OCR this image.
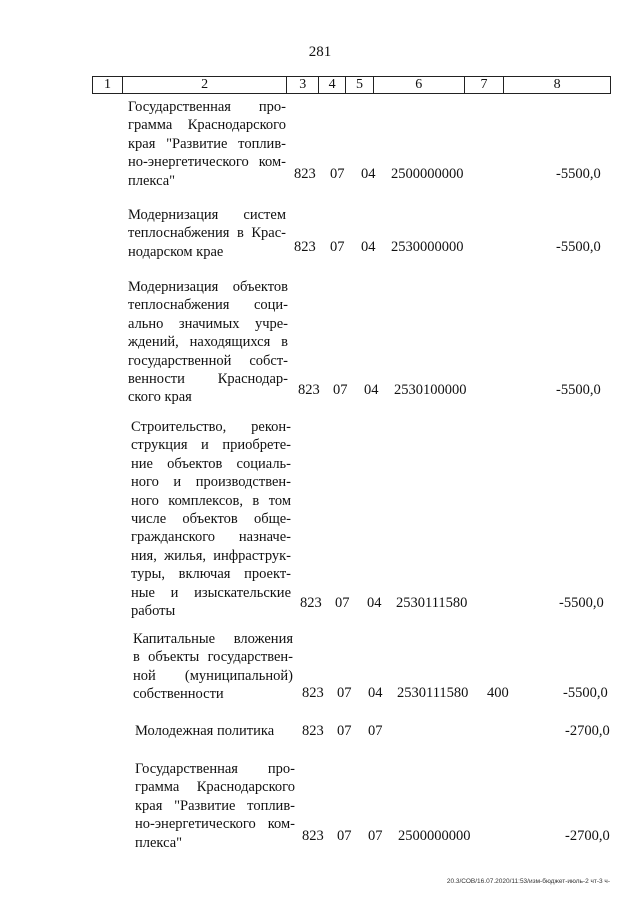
281
1	2	3	4	5	6	7	8
Государственная про-
грамма Краснодарского
края "Развитие топлив-
но-энергетического ком-
плекса"	823 07 04 2500000000	-5500,0
Модернизация систем
теплоснабжения в Крас-
нодарском крае	823 07 04 2530000000	-5500,0
Модернизация объектов
теплоснабжения соци-
ально значимых учре-
ждений, находящихся в
государственной собст-
венности Краснодар-
ского края	823 07 04 2530100000	-5500,0
Строительство, рекон-
струкция и приобрете-
ние объектов социаль-
ного и производствен-
ного комплексов, в том
числе объектов обще-
гражданского назначе-
ния, жилья, инфраструк-
туры, включая проект-
ные и изыскательские
работы	823 07 04 2530111580	-5500,0
Капитальные вложения
в объекты государствен-
ной (муниципальной)
собственности	823 07 04 2530111580 400	-5500,0
Молодежная политика	823 07 07	-2700,0
Государственная про-
грамма Краснодарского
края "Развитие топлив-
но-энергетического ком-
плекса"	823 07 07 2500000000	-2700,0
20.3/СОВ/16.07.2020/11:53/изм-бюджет-июль-2 чт-3 ч-
